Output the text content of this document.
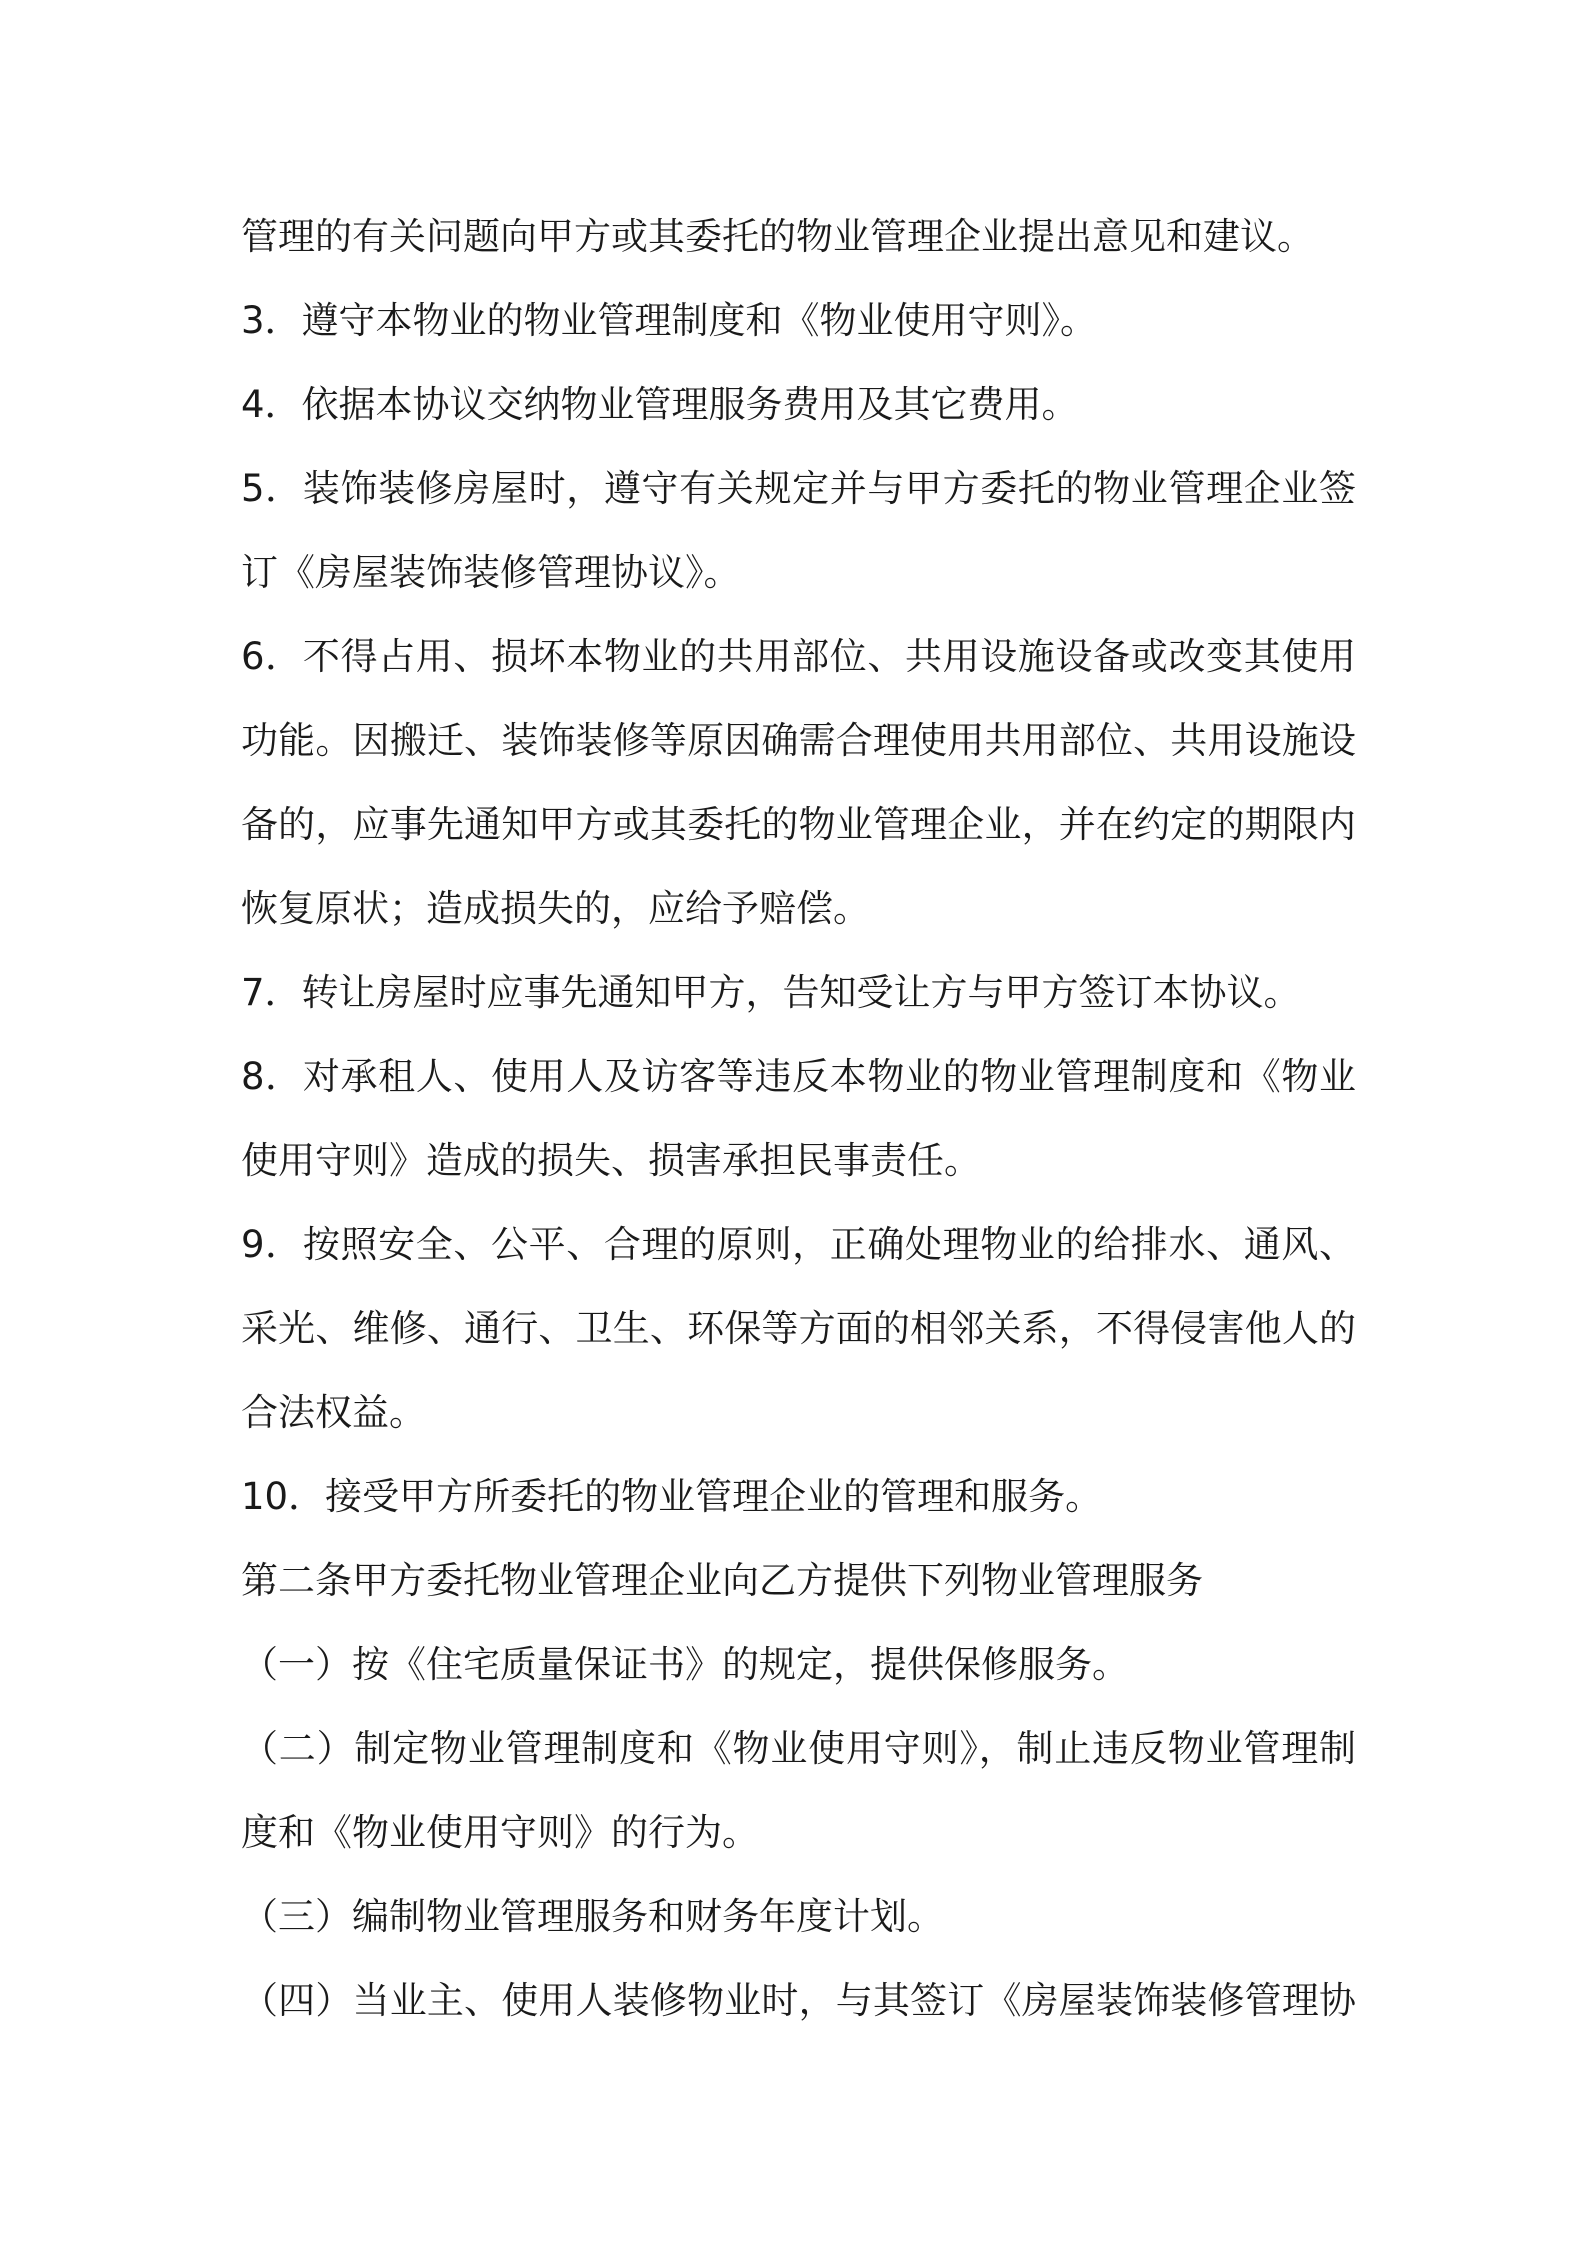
管理的有关问题向甲方或其委托的物业管理企业提出意见和建议。
3．遵守本物业的物业管理制度和《物业使用守则》。
4．依据本协议交纳物业管理服务费用及其它费用。
5．装饰装修房屋时，遵守有关规定并与甲方委托的物业管理企业签
订《房屋装饰装修管理协议》。
6．不得占用、损坏本物业的共用部位、共用设施设备或改变其使用
功能。因搬迁、装饰装修等原因确需合理使用共用部位、共用设施设
备的，应事先通知甲方或其委托的物业管理企业，并在约定的期限内
恢复原状；造成损失的，应给予赔偿。
7．转让房屋时应事先通知甲方，告知受让方与甲方签订本协议。
8．对承租人、使用人及访客等违反本物业的物业管理制度和《物业
使用守则》造成的损失、损害承担民事责任。
9．按照安全、公平、合理的原则，正确处理物业的给排水、通风、
采光、维修、通行、卫生、环保等方面的相邻关系，不得侵害他人的
合法权益。
10．接受甲方所委托的物业管理企业的管理和服务。
第二条甲方委托物业管理企业向乙方提供下列物业管理服务
（一）按《住宅质量保证书》的规定，提供保修服务。
（二）制定物业管理制度和《物业使用守则》，制止违反物业管理制
度和《物业使用守则》的行为。
（三）编制物业管理服务和财务年度计划。
（四）当业主、使用人装修物业时，与其签订《房屋装饰装修管理协
